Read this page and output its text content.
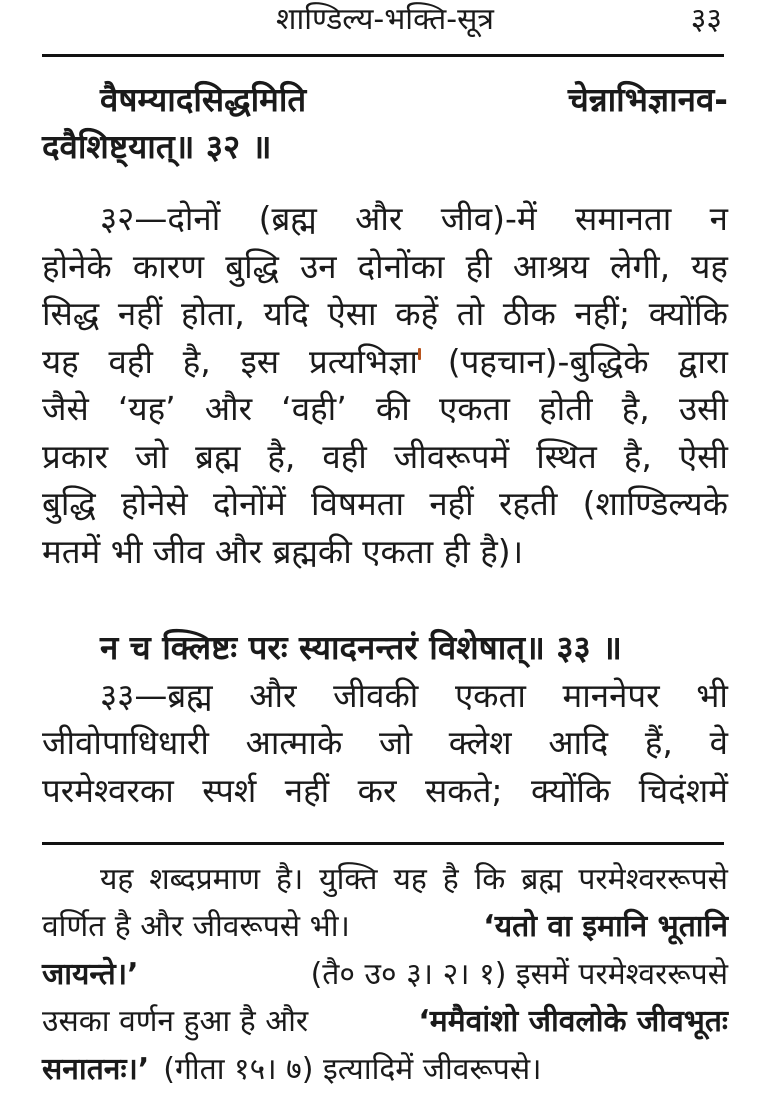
शाण्डिल्य-भक्ति-सूत्र	३३
वैषम्यादसिद्धमिति	चेन्नाभिज्ञानव-
दवैशिष्ट्यात्॥ ३२ ॥
३२—दोनों (ब्रह्म और जीव)-में समानता न
होनेके कारण बुद्धि उन दोनोंका ही आश्रय लेगी, यह
सिद्ध नहीं होता, यदि ऐसा कहें तो ठीक नहीं; क्योंकि
यह वही है, इस प्रत्यभिज्ञा (पहचान)-बुद्धिके द्वारा
जैसे ‘यह’ और ‘वही’ की एकता होती है, उसी
प्रकार जो ब्रह्म है, वही जीवरूपमें स्थित है, ऐसी
बुद्धि होनेसे दोनोंमें विषमता नहीं रहती (शाण्डिल्यके
मतमें भी जीव और ब्रह्मकी एकता ही है)।
न च क्लिष्टः परः स्यादनन्तरं विशेषात्॥ ३३ ॥
३३—ब्रह्म और जीवकी एकता माननेपर भी
जीवोपाधिधारी आत्माके जो क्लेश आदि हैं, वे
परमेश्वरका स्पर्श नहीं कर सकते; क्योंकि चिदंशमें
यह शब्दप्रमाण है। युक्ति यह है कि ब्रह्म परमेश्वररूपसे
वर्णित है और जीवरूपसे भी।	‘यतो वा इमानि भूतानि
जायन्ते।’	(तै० उ० ३। २। १) इसमें परमेश्वररूपसे
उसका वर्णन हुआ है और	‘ममैवांशो जीवलोके जीवभूतः
सनातनः।’ (गीता १५। ७) इत्यादिमें जीवरूपसे।
